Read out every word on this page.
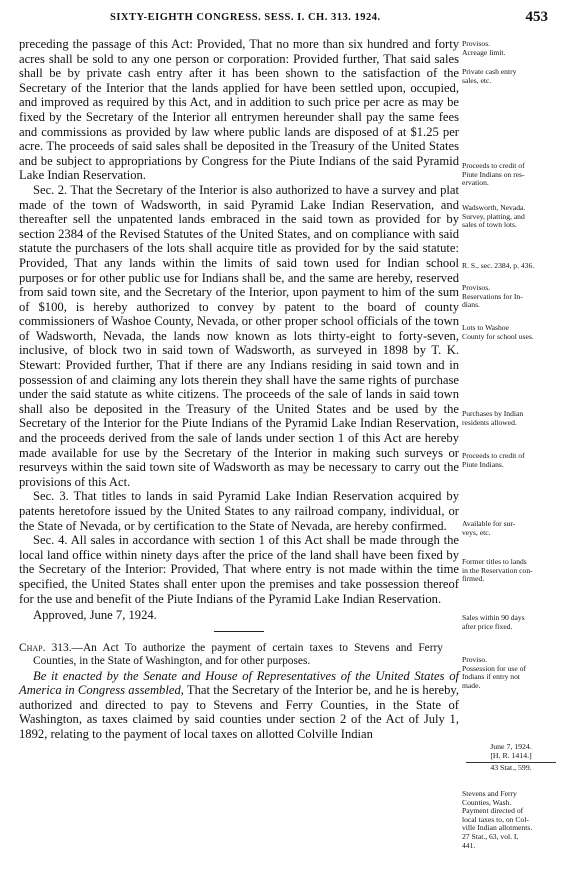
SIXTY-EIGHTH CONGRESS. SESS. I. CH. 313. 1924.	453

preceding the passage of this Act: Provided, That no more than six hundred and forty acres shall be sold to any one person or corporation: Provided further, That said sales shall be by private cash entry after it has been shown to the satisfaction of the Secretary of the Interior that the lands applied for have been settled upon, occupied, and improved as required by this Act, and in addition to such price per acre as may be fixed by the Secretary of the Interior all entrymen hereunder shall pay the same fees and commissions as provided by law where public lands are disposed of at $1.25 per acre. The proceeds of said sales shall be deposited in the Treasury of the United States and be subject to appropriations by Congress for the Piute Indians of the said Pyramid Lake Indian Reservation.

Sec. 2. That the Secretary of the Interior is also authorized to have a survey and plat made of the town of Wadsworth, in said Pyramid Lake Indian Reservation, and thereafter sell the unpatented lands embraced in the said town as provided for by section 2384 of the Revised Statutes of the United States, and on compliance with said statute the purchasers of the lots shall acquire title as provided for by the said statute: Provided, That any lands within the limits of said town used for Indian school purposes or for other public use for Indians shall be, and the same are hereby, reserved from said town site, and the Secretary of the Interior, upon payment to him of the sum of $100, is hereby authorized to convey by patent to the board of county commissioners of Washoe County, Nevada, or other proper school officials of the town of Wadsworth, Nevada, the lands now known as lots thirty-eight to forty-seven, inclusive, of block two in said town of Wadsworth, as surveyed in 1898 by T. K. Stewart: Provided further, That if there are any Indians residing in said town and in possession of and claiming any lots therein they shall have the same rights of purchase under the said statute as white citizens. The proceeds of the sale of lands in said town shall also be deposited in the Treasury of the United States and be used by the Secretary of the Interior for the Piute Indians of the Pyramid Lake Indian Reservation, and the proceeds derived from the sale of lands under section 1 of this Act are hereby made available for use by the Secretary of the Interior in making such surveys or resurveys within the said town site of Wadsworth as may be necessary to carry out the provisions of this Act.

Sec. 3. That titles to lands in said Pyramid Lake Indian Reservation acquired by patents heretofore issued by the United States to any railroad company, individual, or the State of Nevada, or by certification to the State of Nevada, are hereby confirmed.

Sec. 4. All sales in accordance with section 1 of this Act shall be made through the local land office within ninety days after the price of the land shall have been fixed by the Secretary of the Interior: Provided, That where entry is not made within the time specified, the United States shall enter upon the premises and take possession thereof for the use and benefit of the Piute Indians of the Pyramid Lake Indian Reservation.

Approved, June 7, 1924.

Chap. 313.—An Act To authorize the payment of certain taxes to Stevens and Ferry Counties, in the State of Washington, and for other purposes.

Be it enacted by the Senate and House of Representatives of the United States of America in Congress assembled, That the Secretary of the Interior be, and he is hereby, authorized and directed to pay to Stevens and Ferry Counties, in the State of Washington, as taxes claimed by said counties under section 2 of the Act of July 1, 1892, relating to the payment of local taxes on allotted Colville Indian

Provisos.
Acreage limit.
Private cash entry
sales, etc.
Proceeds to credit of
Piute Indians on res-
ervation.
Wadsworth, Nevada.
Survey, platting, and
sales of town lots.
R. S., sec. 2384, p. 436.
Provisos.
Reservations for In-
dians.
Lots to Washoe
County for school uses.
Purchases by Indian
residents allowed.
Proceeds to credit of
Piute Indians.
Available for sur-
veys, etc.
Former titles to lands
in the Reservation con-
firmed.
Sales within 90 days
after price fixed.
Proviso.
Possession for use of
Indians if entry not
made.
Stevens and Ferry
Counties, Wash.
Payment directed of
local taxes to, on Col-
ville Indian allotments.
27 Stat., 63, vol. I,
441.
June 7, 1924.
[H. R. 1414.]
43 Stat., 599.
